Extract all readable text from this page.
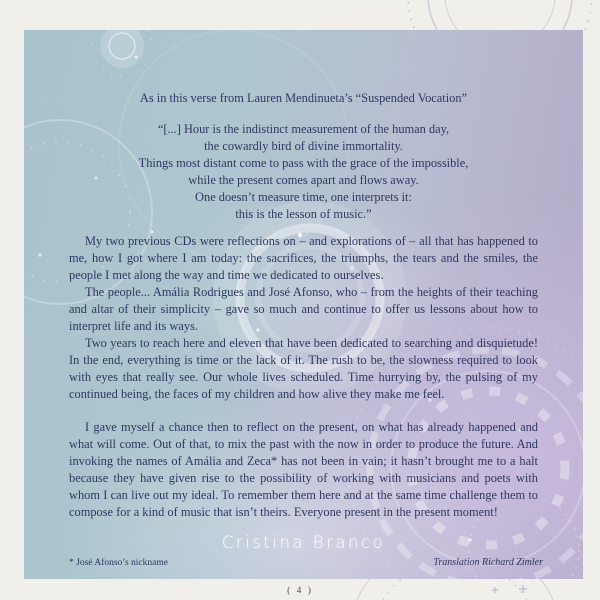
As in this verse from Lauren Mendinueta’s “Suspended Vocation”
“[...] Hour is the indistinct measurement of the human day,
the cowardly bird of divine immortality.
Things most distant come to pass with the grace of the impossible,
while the present comes apart and flows away.
One doesn’t measure time, one interprets it:
this is the lesson of music.”

My two previous CDs were reflections on – and explorations of – all that has happened to me, how I got where I am today: the sacrifices, the triumphs, the tears and the smiles, the people I met along the way and time we dedicated to ourselves.

The people... Amália Rodrigues and José Afonso, who – from the heights of their teaching and altar of their simplicity – gave so much and continue to offer us lessons about how to interpret life and its ways.

Two years to reach here and eleven that have been dedicated to searching and disquietude! In the end, everything is time or the lack of it. The rush to be, the slowness required to look with eyes that really see. Our whole lives scheduled. Time hurrying by, the pulsing of my continued being, the faces of my children and how alive they make me feel.

I gave myself a chance then to reflect on the present, on what has already happened and what will come. Out of that, to mix the past with the now in order to produce the future. And invoking the names of Amália and Zeca* has not been in vain; it hasn’t brought me to a halt because they have given rise to the possibility of working with musicians and poets with whom I can live out my ideal. To remember them here and at the same time challenge them to compose for a kind of music that isn’t theirs. Everyone present in the present moment!

Cristina Branco
* José Afonso’s nickname	Translation Richard Zimler
( 4 )
